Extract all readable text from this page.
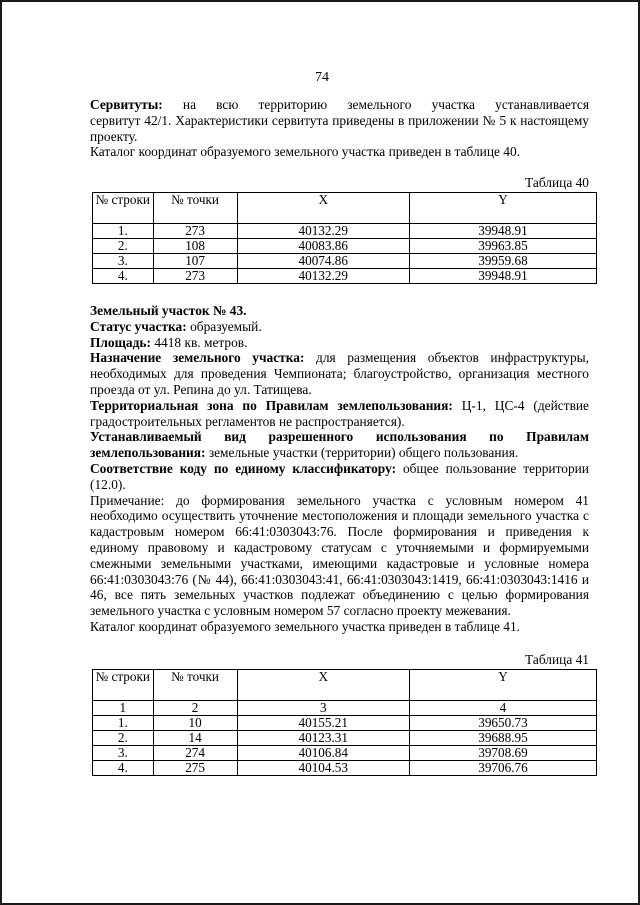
74

Сервитуты: на всю территорию земельного участка устанавливается

сервитут 42/1. Характеристики сервитута приведены в приложении № 5 к настоящему проекту.

Каталог координат образуемого земельного участка приведен в таблице 40.

Таблица 40
№ строки	№ точки	X	Y
1.	273	40132.29	39948.91
2.	108	40083.86	39963.85
3.	107	40074.86	39959.68
4.	273	40132.29	39948.91

Земельный участок № 43.

Статус участка: образуемый.

Площадь: 4418 кв. метров.

Назначение земельного участка: для размещения объектов инфраструктуры, необходимых для проведения Чемпионата; благоустройство, организация местного проезда от ул. Репина до ул. Татищева.

Территориальная зона по Правилам землепользования: Ц-1, ЦС-4 (действие градостроительных регламентов не распространяется).

Устанавливаемый вид разрешенного использования по Правилам

землепользования: земельные участки (территории) общего пользования.

Соответствие коду по единому классификатору: общее пользование территории (12.0).

Примечание: до формирования земельного участка с условным номером 41 необходимо осуществить уточнение местоположения и площади земельного участка с кадастровым номером 66:41:0303043:76. После формирования и приведения к единому правовому и кадастровому статусам с уточняемыми и формируемыми смежными земельными участками, имеющими кадастровые и условные номера 66:41:0303043:76 (№ 44), 66:41:0303043:41, 66:41:0303043:1419, 66:41:0303043:1416 и 46, все пять земельных участков подлежат объединению с целью формирования земельного участка с условным номером 57 согласно проекту межевания.

Каталог координат образуемого земельного участка приведен в таблице 41.

Таблица 41
№ строки	№ точки	X	Y
1	2	3	4
1.	10	40155.21	39650.73
2.	14	40123.31	39688.95
3.	274	40106.84	39708.69
4.	275	40104.53	39706.76
